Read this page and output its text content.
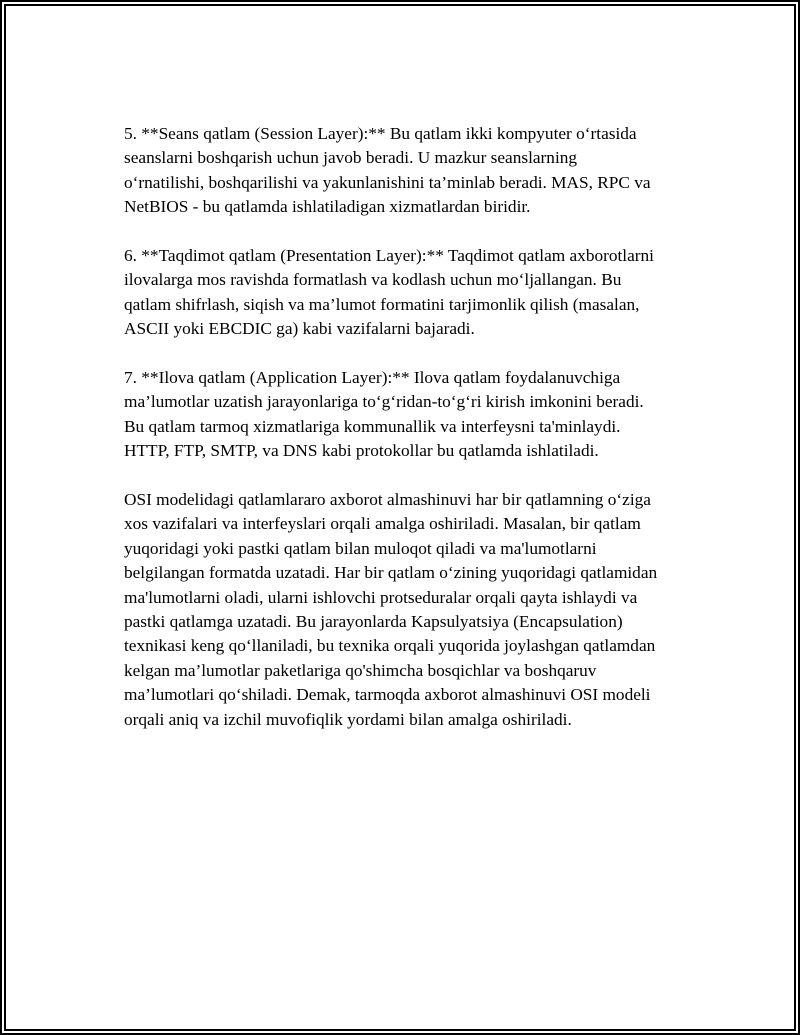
5. **Seans qatlam (Session Layer):** Bu qatlam ikki kompyuter o‘rtasida
seanslarni boshqarish uchun javob beradi. U mazkur seanslarning
o‘rnatilishi, boshqarilishi va yakunlanishini ta’minlab beradi. MAS, RPC va
NetBIOS - bu qatlamda ishlatiladigan xizmatlardan biridir.

6. **Taqdimot qatlam (Presentation Layer):** Taqdimot qatlam axborotlarni
ilovalarga mos ravishda formatlash va kodlash uchun mo‘ljallangan. Bu
qatlam shifrlash, siqish va ma’lumot formatini tarjimonlik qilish (masalan,
ASCII yoki EBCDIC ga) kabi vazifalarni bajaradi.

7. **Ilova qatlam (Application Layer):** Ilova qatlam foydalanuvchiga
ma’lumotlar uzatish jarayonlariga to‘g‘ridan-to‘g‘ri kirish imkonini beradi.
Bu qatlam tarmoq xizmatlariga kommunallik va interfeysni ta'minlaydi.
HTTP, FTP, SMTP, va DNS kabi protokollar bu qatlamda ishlatiladi.

OSI modelidagi qatlamlararo axborot almashinuvi har bir qatlamning o‘ziga
xos vazifalari va interfeyslari orqali amalga oshiriladi. Masalan, bir qatlam
yuqoridagi yoki pastki qatlam bilan muloqot qiladi va ma'lumotlarni
belgilangan formatda uzatadi. Har bir qatlam o‘zining yuqoridagi qatlamidan
ma'lumotlarni oladi, ularni ishlovchi protseduralar orqali qayta ishlaydi va
pastki qatlamga uzatadi. Bu jarayonlarda Kapsulyatsiya (Encapsulation)
texnikasi keng qo‘llaniladi, bu texnika orqali yuqorida joylashgan qatlamdan
kelgan ma’lumotlar paketlariga qo'shimcha bosqichlar va boshqaruv
ma’lumotlari qo‘shiladi. Demak, tarmoqda axborot almashinuvi OSI modeli
orqali aniq va izchil muvofiqlik yordami bilan amalga oshiriladi.
